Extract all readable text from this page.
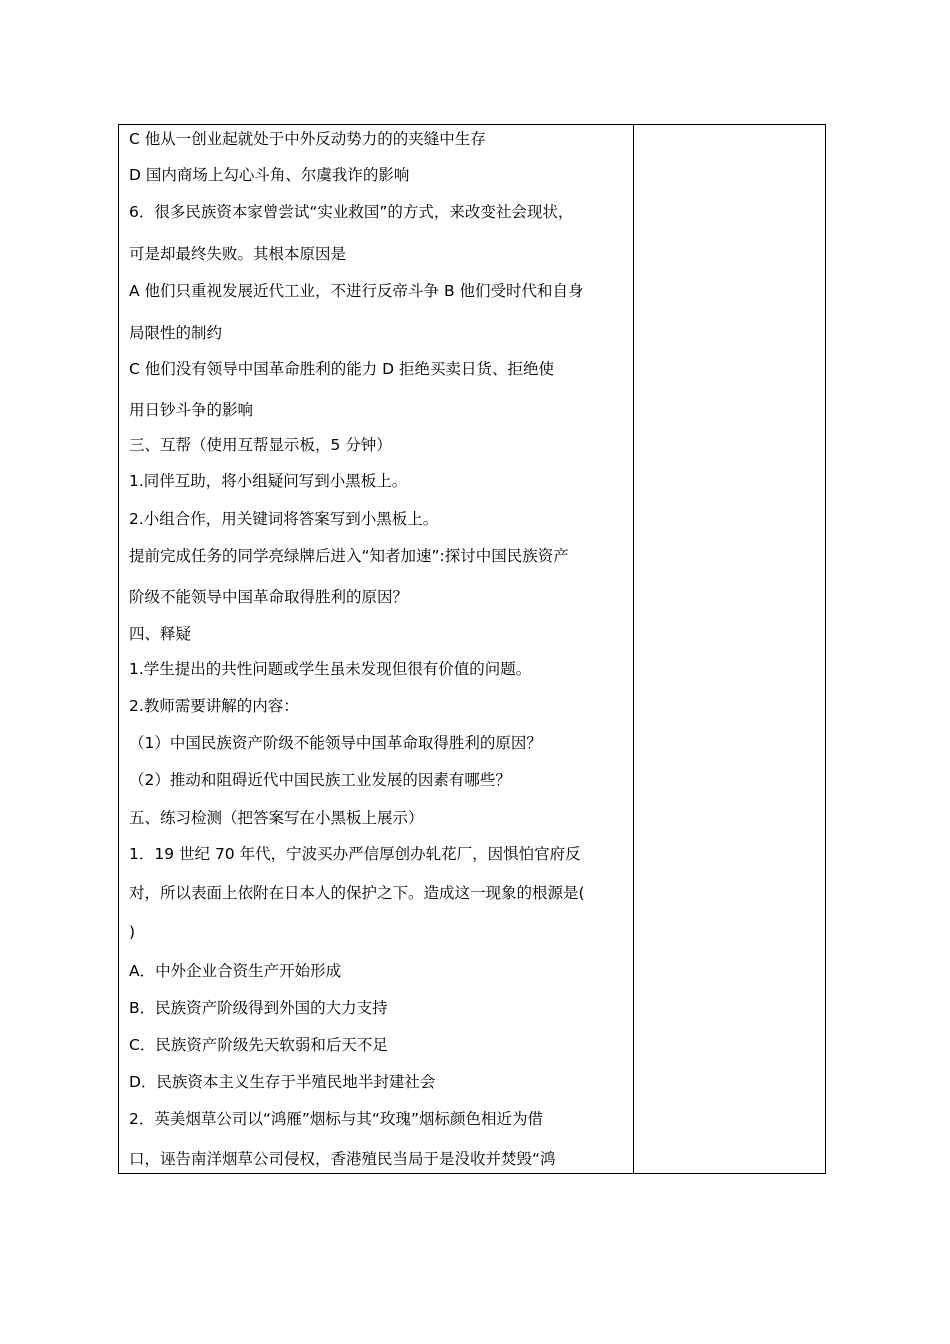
C 他从一创业起就处于中外反动势力的的夹缝中生存
D 国内商场上勾心斗角、尔虞我诈的影响
6．很多民族资本家曾尝试“实业救国”的方式，来改变社会现状，
可是却最终失败。其根本原因是
A 他们只重视发展近代工业，不进行反帝斗争 B 他们受时代和自身
局限性的制约
C 他们没有领导中国革命胜利的能力 D 拒绝买卖日货、拒绝使
用日钞斗争的影响
三、互帮（使用互帮显示板，5 分钟）
1.同伴互助，将小组疑问写到小黑板上。
2.小组合作，用关键词将答案写到小黑板上。
提前完成任务的同学亮绿牌后进入“知者加速”:探讨中国民族资产
阶级不能领导中国革命取得胜利的原因？
四、释疑
1.学生提出的共性问题或学生虽未发现但很有价值的问题。
2.教师需要讲解的内容：
（1）中国民族资产阶级不能领导中国革命取得胜利的原因？
（2）推动和阻碍近代中国民族工业发展的因素有哪些？
五、练习检测（把答案写在小黑板上展示）
1．19 世纪 70 年代，宁波买办严信厚创办轧花厂，因惧怕官府反
对，所以表面上依附在日本人的保护之下。造成这一现象的根源是(
)
A．中外企业合资生产开始形成
B．民族资产阶级得到外国的大力支持
C．民族资产阶级先天软弱和后天不足
D．民族资本主义生存于半殖民地半封建社会
2．英美烟草公司以“鸿雁”烟标与其“玫瑰”烟标颜色相近为借
口，诬告南洋烟草公司侵权，香港殖民当局于是没收并焚毁“鸿
